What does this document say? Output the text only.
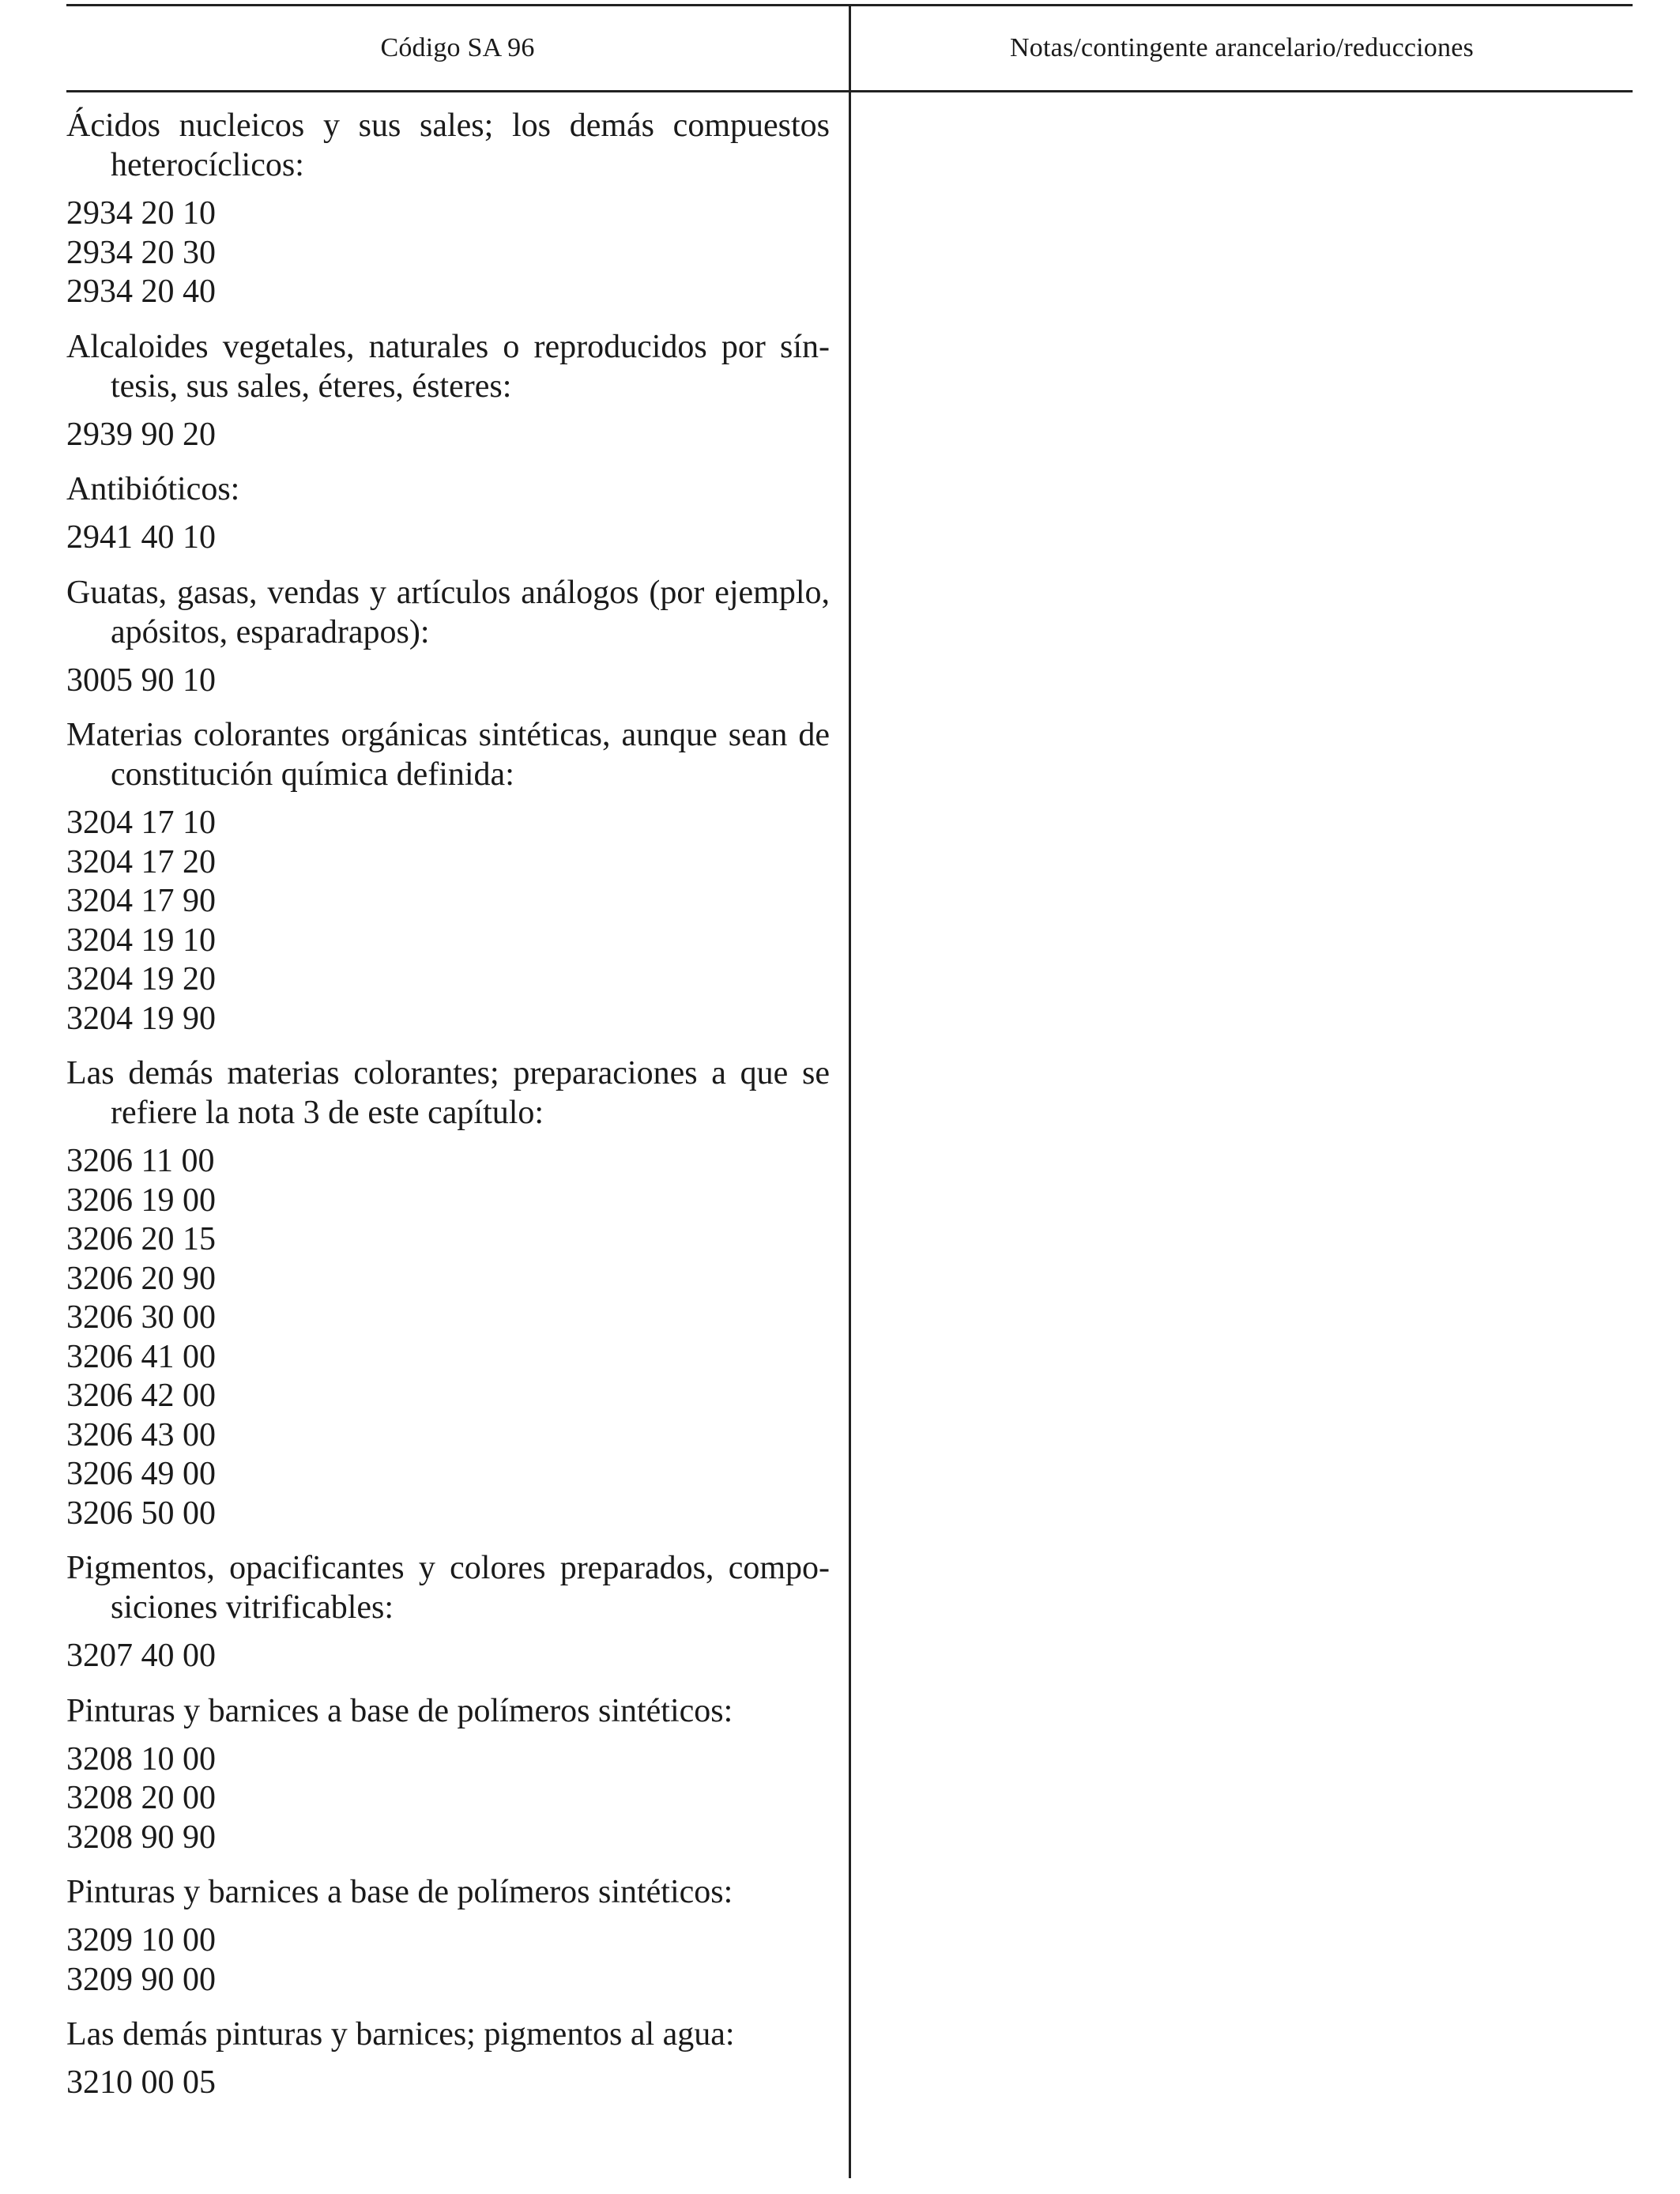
Código SA 96	Notas/contingente arancelario/reducciones

Ácidos nucleicos y sus sales; los demás compuestos heterocíclicos:

2934 20 10
2934 20 30
2934 20 40

Alcaloides vegetales, naturales o reproducidos por síntesis, sus sales, éteres, ésteres:

2939 90 20

Antibióticos:

2941 40 10

Guatas, gasas, vendas y artículos análogos (por ejemplo, apósitos, esparadrapos):

3005 90 10

Materias colorantes orgánicas sintéticas, aunque sean de constitución química definida:

3204 17 10
3204 17 20
3204 17 90
3204 19 10
3204 19 20
3204 19 90

Las demás materias colorantes; preparaciones a que se refiere la nota 3 de este capítulo:

3206 11 00
3206 19 00
3206 20 15
3206 20 90
3206 30 00
3206 41 00
3206 42 00
3206 43 00
3206 49 00
3206 50 00

Pigmentos, opacificantes y colores preparados, composiciones vitrificables:

3207 40 00

Pinturas y barnices a base de polímeros sintéticos:

3208 10 00
3208 20 00
3208 90 90

Pinturas y barnices a base de polímeros sintéticos:

3209 10 00
3209 90 00

Las demás pinturas y barnices; pigmentos al agua:

3210 00 05
